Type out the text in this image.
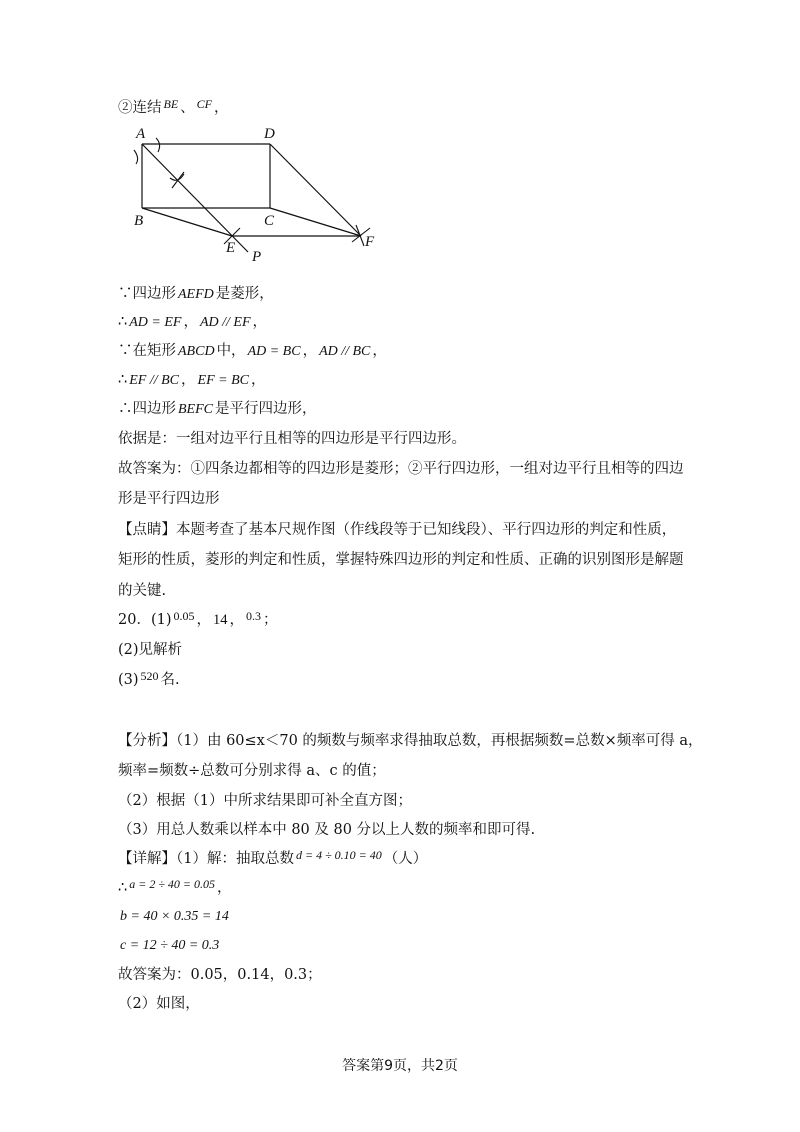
②连结 $^{BE}$ 、 $^{CF}$ ，
A	D
B	C
E	F
P
∵四边形 AEFD 是菱形，
∴ AD = EF ， AD // EF ，
∵在矩形 ABCD 中， AD = BC ， AD // BC ，
∴ EF // BC ， EF = BC ，
∴四边形 BEFC 是平行四边形，
依据是：一组对边平行且相等的四边形是平行四边形。
故答案为：①四条边都相等的四边形是菱形；②平行四边形，一组对边平行且相等的四边
形是平行四边形
【点睛】本题考查了基本尺规作图（作线段等于已知线段）、平行四边形的判定和性质，
矩形的性质，菱形的判定和性质，掌握特殊四边形的判定和性质、正确的识别图形是解题
的关键.
20．(1) $^{0.05}$ ， 14 ， $^{0.3}$ ；
(2)见解析
(3) $^{520}$ 名.
【分析】（1）由 60≤x＜70 的频数与频率求得抽取总数，再根据频数=总数×频率可得 a，
频率=频数÷总数可分别求得 a、c 的值；
（2）根据（1）中所求结果即可补全直方图；
（3）用总人数乘以样本中 80 及 80 分以上人数的频率和即可得.
【详解】（1）解：抽取总数 $^{d = 4 \div 0.10 = 40}$ （人）
∴ $^{a = 2 \div 40 = 0.05}$ ，
b = 40 × 0.35 = 14
c = 12 ÷ 40 = 0.3
故答案为：0.05，0.14，0.3；
（2）如图，
答案第9页，共2页
